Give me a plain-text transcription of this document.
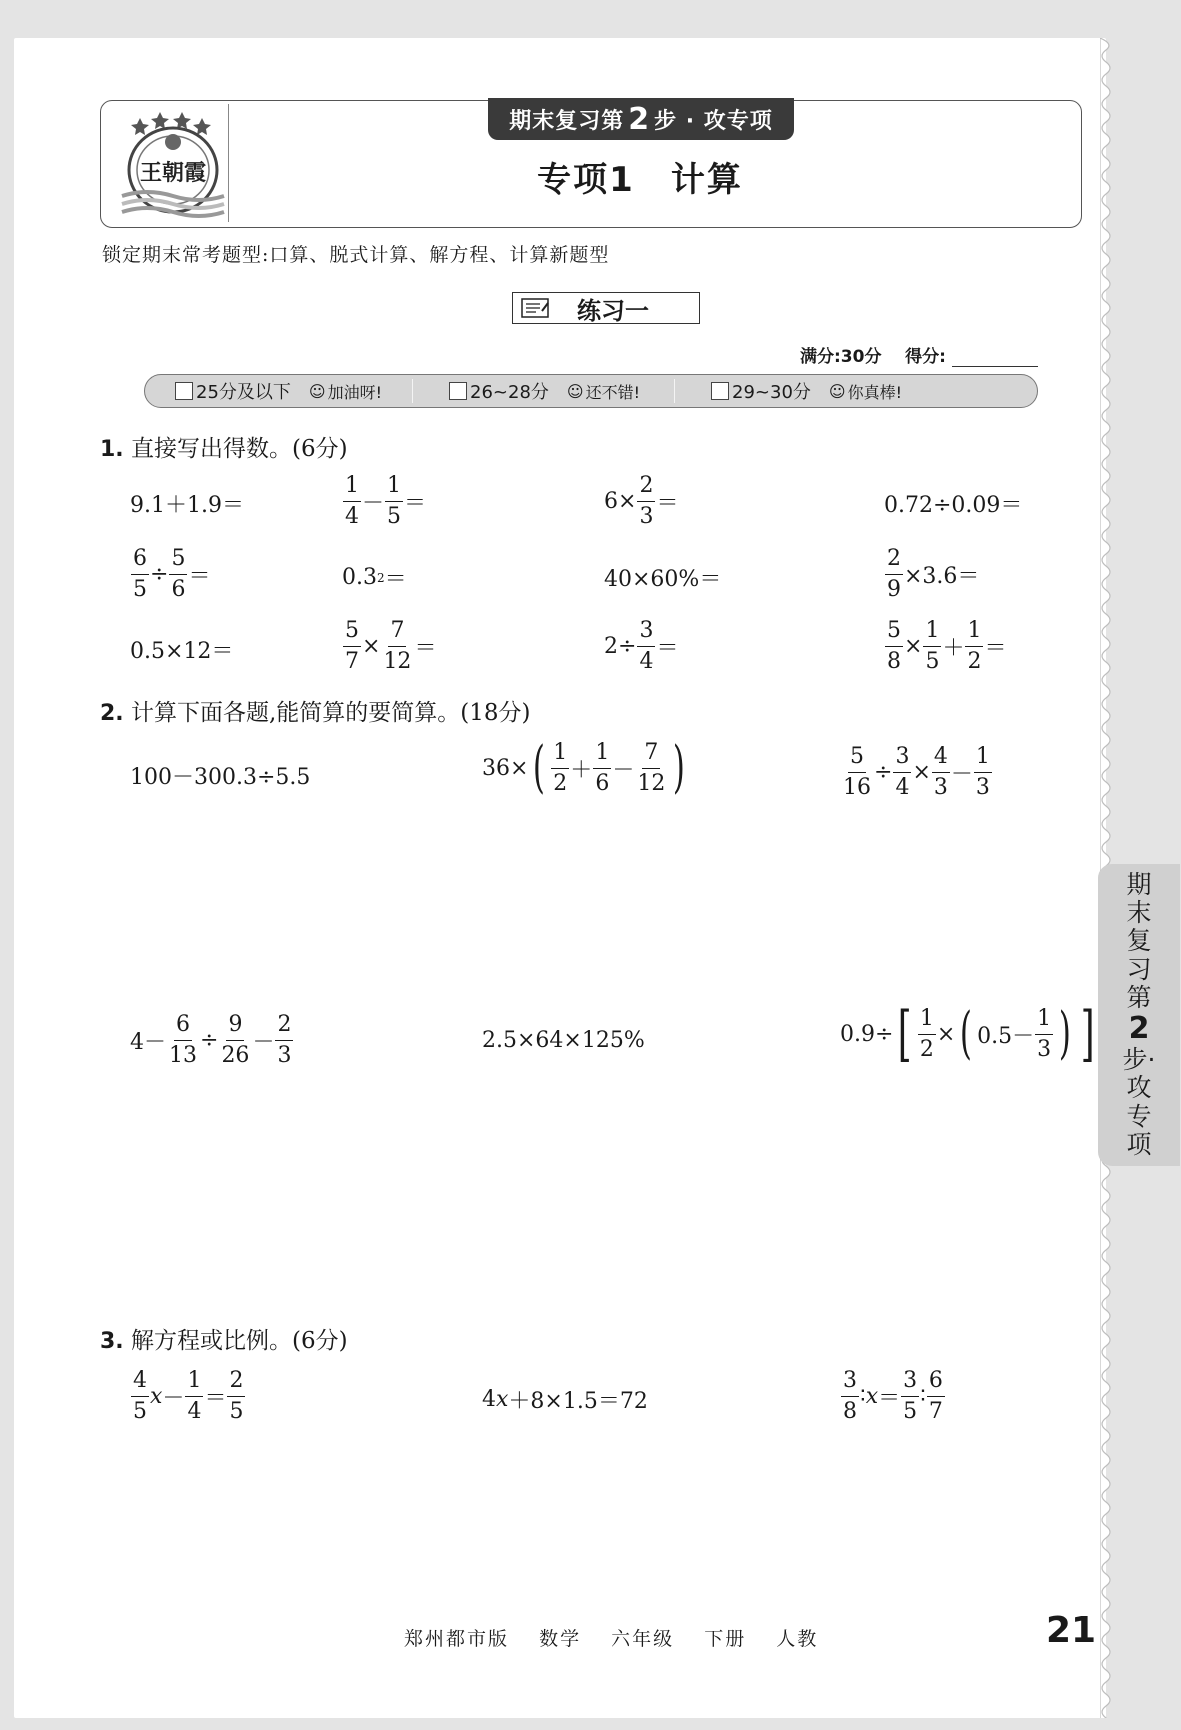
王朝霞
期末复习第 2 步 · 攻专项
专项1　计算
锁定期末常考题型:口算、脱式计算、解方程、计算新题型
练习一
满分:30分 得分:
25分及以下 ☺ 加油呀!	26~28分 ☺ 还不错!	29~30分 ☺ 你真棒!
1. 直接写出得数。(6分)
9.1＋1.9＝	$\frac{1}{4} - \frac{1}{5}$ ＝	$6\times \frac{2}{3}$ ＝	0.72÷0.09＝
$\frac{6}{5} \div \frac{5}{6}$ ＝	0.3 2 ＝	40×60%＝	$\frac{2}{9} \times 3.6=$
0.5×12＝	$\frac{5}{7} \times \frac{7}{12}$ ＝	$2\div \frac{3}{4}$ ＝	$\frac{5}{8} \times \frac{1}{5} + \frac{1}{2}$ ＝
2. 计算下面各题,能简算的要简算。(18分)
100－300.3÷5.5	36× ( $\frac{1}{2} + \frac{1}{6} - \frac{7}{12}$ )	$\frac{5}{16} \div \frac{3}{4} \times \frac{4}{3} - \frac{1}{3}$
$4- \frac{6}{13} \div \frac{9}{26} - \frac{2}{3}$	2.5×64×125%	0.9÷ [ $\frac{1}{2}$ × ( $0.5- \frac{1}{3}$ ) ]
3. 解方程或比例。(6分)
$\frac{4}{5}$ $x - \frac{1}{4} = \frac{2}{5}$	4 x ＋8×1.5＝72	$\frac{3}{8}$ ∶ $x = \frac{3}{5}$ ∶ $\frac{6}{7}$
期
末
复
习
第
2
步·
攻
专
项
郑州都市版 数学 六年级 下册 人教	21
